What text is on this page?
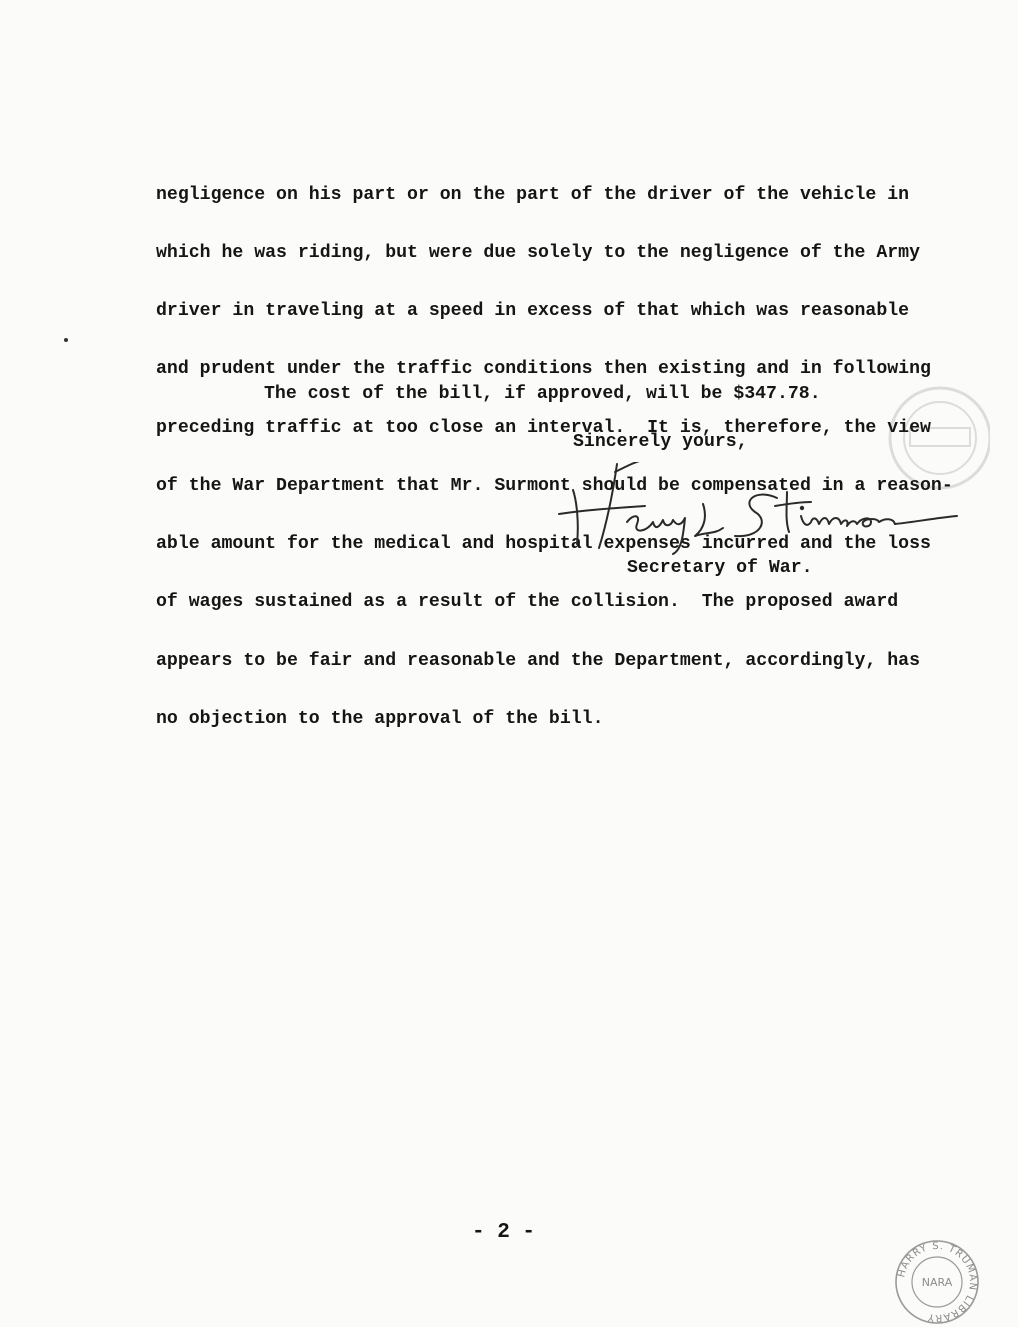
negligence on his part or on the part of the driver of the vehicle in

which he was riding, but were due solely to the negligence of the Army

driver in traveling at a speed in excess of that which was reasonable

and prudent under the traffic conditions then existing and in following

preceding traffic at too close an interval.  It is, therefore, the view

of the War Department that Mr. Surmont should be compensated in a reason-

able amount for the medical and hospital expenses incurred and the loss

of wages sustained as a result of the collision.  The proposed award

appears to be fair and reasonable and the Department, accordingly, has

no objection to the approval of the bill.

The cost of the bill, if approved, will be $347.78.
Sincerely yours,
Secretary of War.
- 2 -
HARRY S. TRUMAN LIBRARY
NARA
